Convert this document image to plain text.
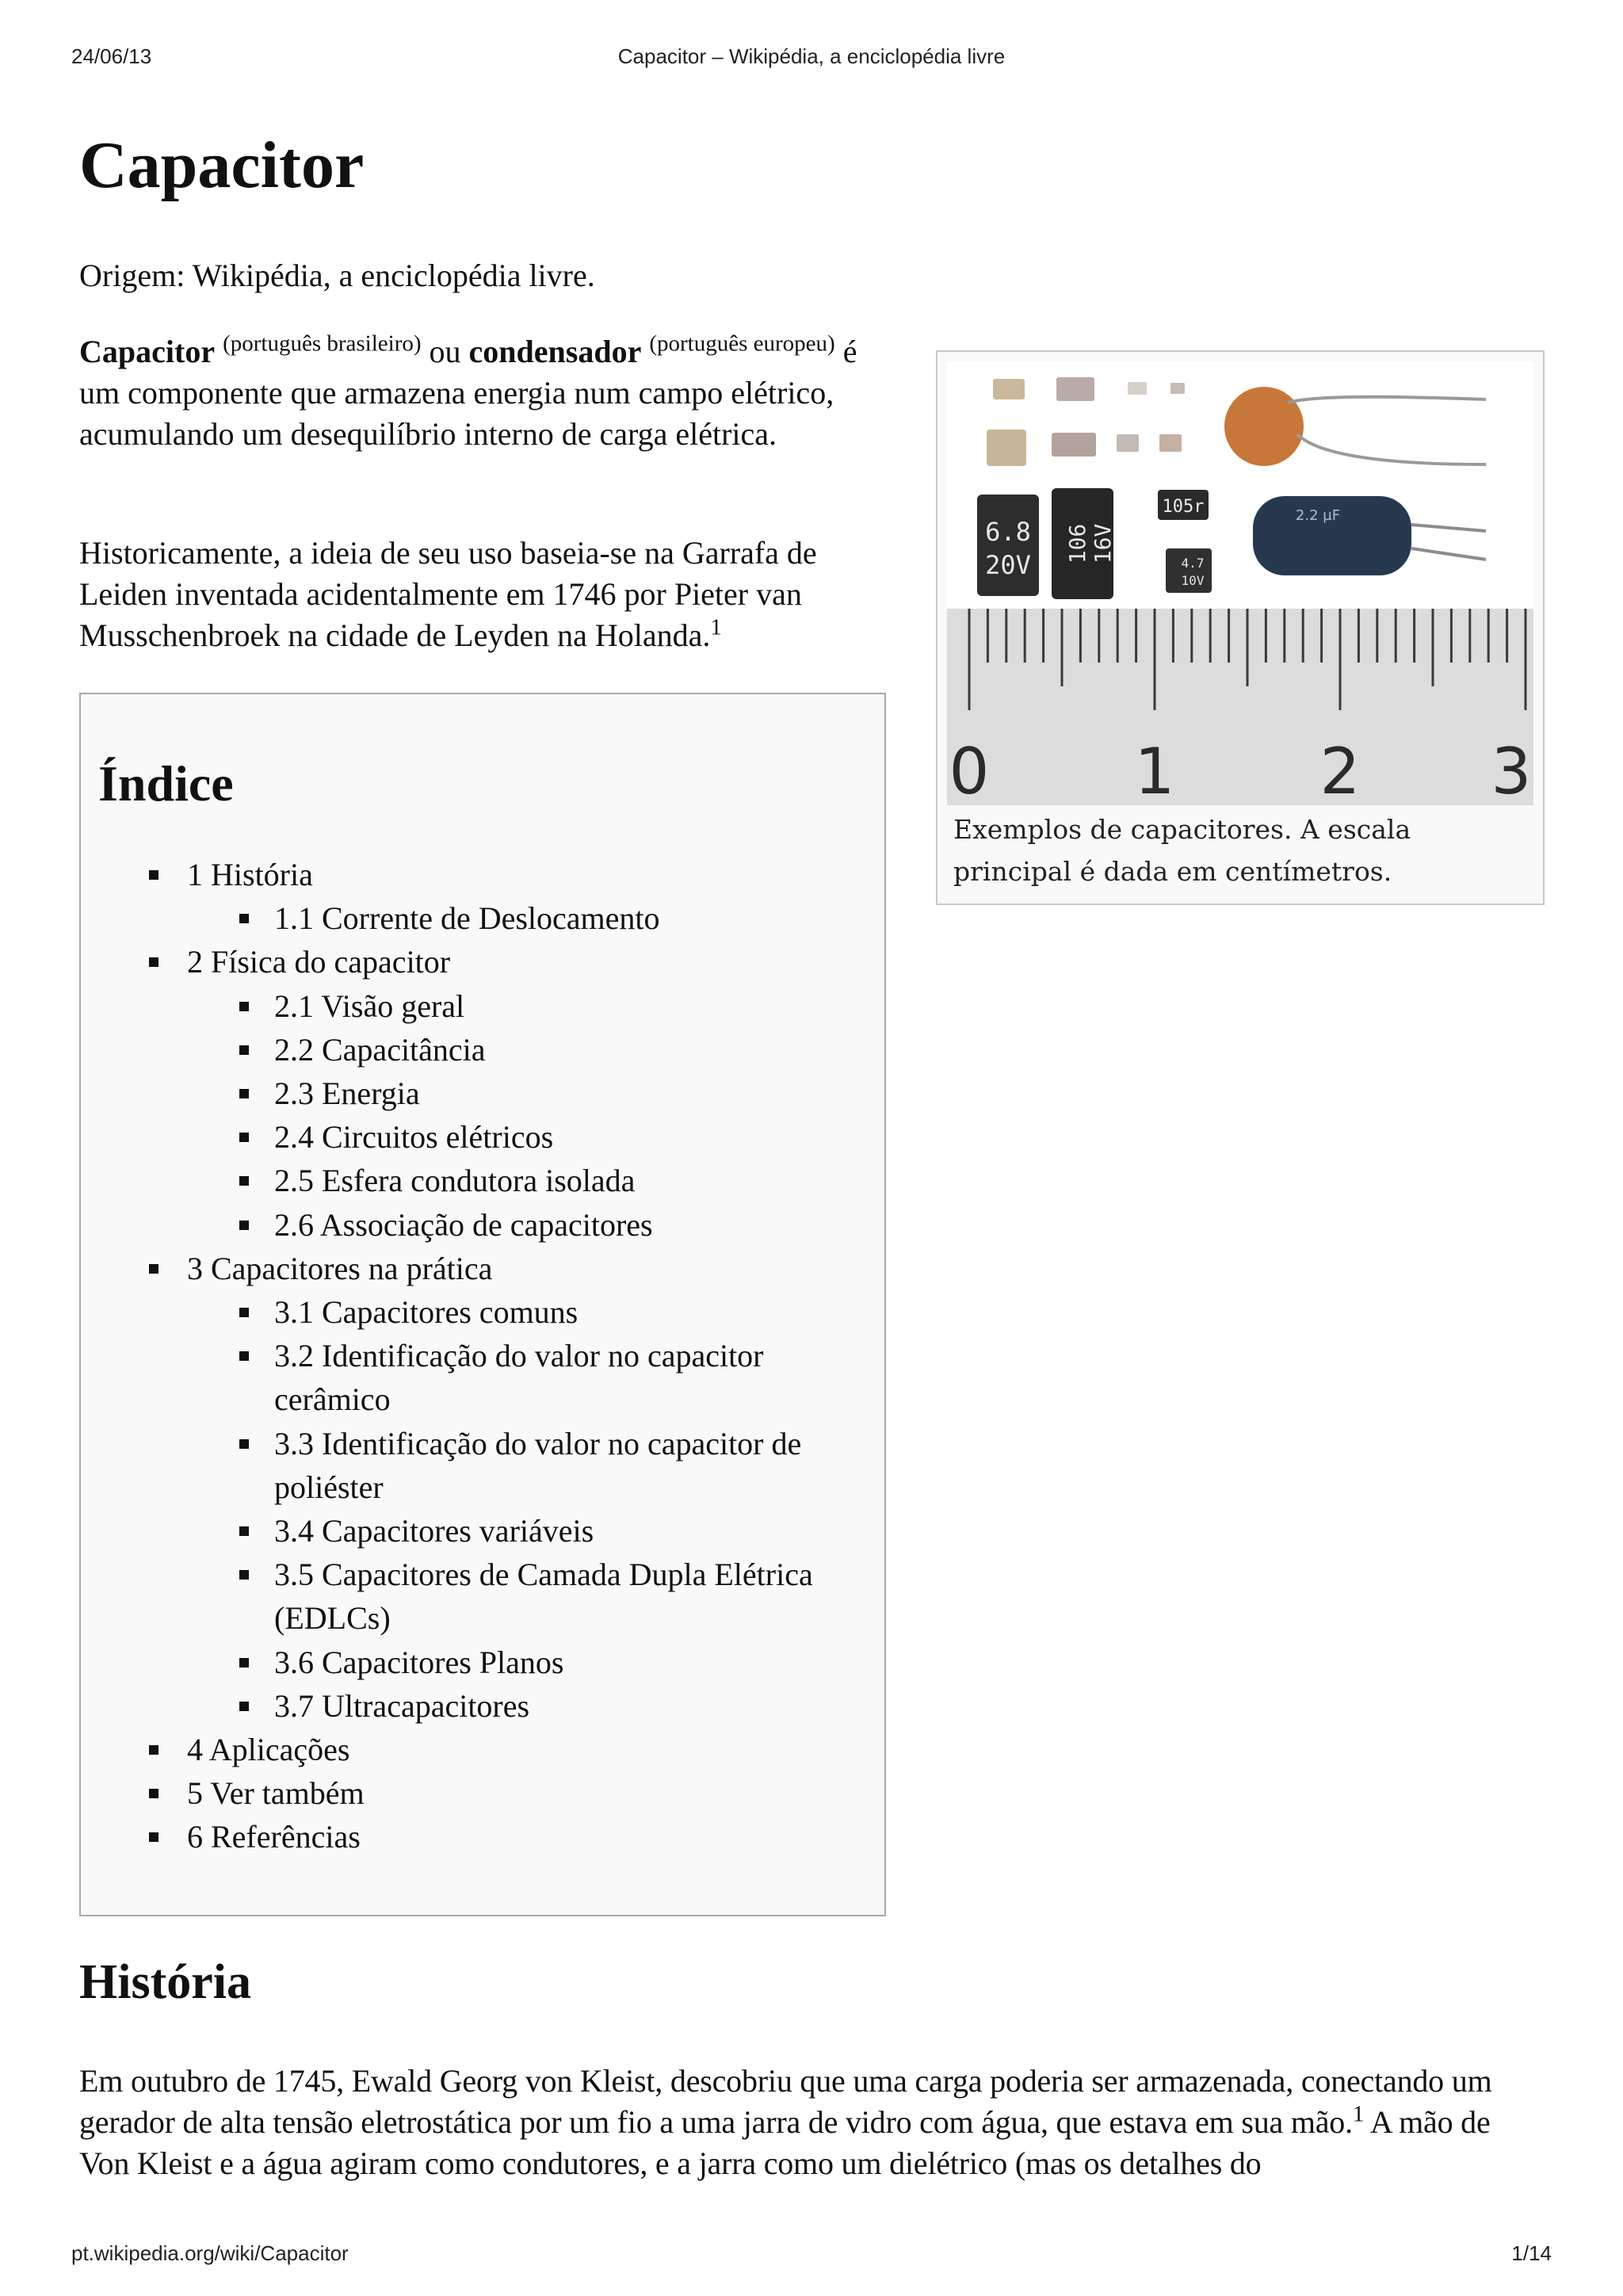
24/06/13	Capacitor – Wikipédia, a enciclopédia livre
Capacitor

Origem: Wikipédia, a enciclopédia livre.

Capacitor $^{(português brasileiro)}$ ou condensador $^{(português europeu)}$ é um componente que armazena energia num campo elétrico, acumulando um desequilíbrio interno de carga elétrica.

Historicamente, a ideia de seu uso baseia-se na Garrafa de Leiden inventada acidentalmente em 1746 por Pieter van Musschenbroek na cidade de Leyden na Holanda.$^1$

6.8
20V
106 16V
105r
4.7
10V
2.2 µF
0 1 2 3
Exemplos de capacitores. A escala principal é dada em centímetros.
Índice
1 História
1.1 Corrente de Deslocamento
2 Física do capacitor
2.1 Visão geral
2.2 Capacitância
2.3 Energia
2.4 Circuitos elétricos
2.5 Esfera condutora isolada
2.6 Associação de capacitores
3 Capacitores na prática
3.1 Capacitores comuns
3.2 Identificação do valor no capacitor cerâmico
3.3 Identificação do valor no capacitor de poliéster
3.4 Capacitores variáveis
3.5 Capacitores de Camada Dupla Elétrica (EDLCs)
3.6 Capacitores Planos
3.7 Ultracapacitores
4 Aplicações
5 Ver também
6 Referências
História

Em outubro de 1745, Ewald Georg von Kleist, descobriu que uma carga poderia ser armazenada, conectando um gerador de alta tensão eletrostática por um fio a uma jarra de vidro com água, que estava em sua mão.$^1$ A mão de Von Kleist e a água agiram como condutores, e a jarra como um dielétrico (mas os detalhes do

pt.wikipedia.org/wiki/Capacitor	1/14
